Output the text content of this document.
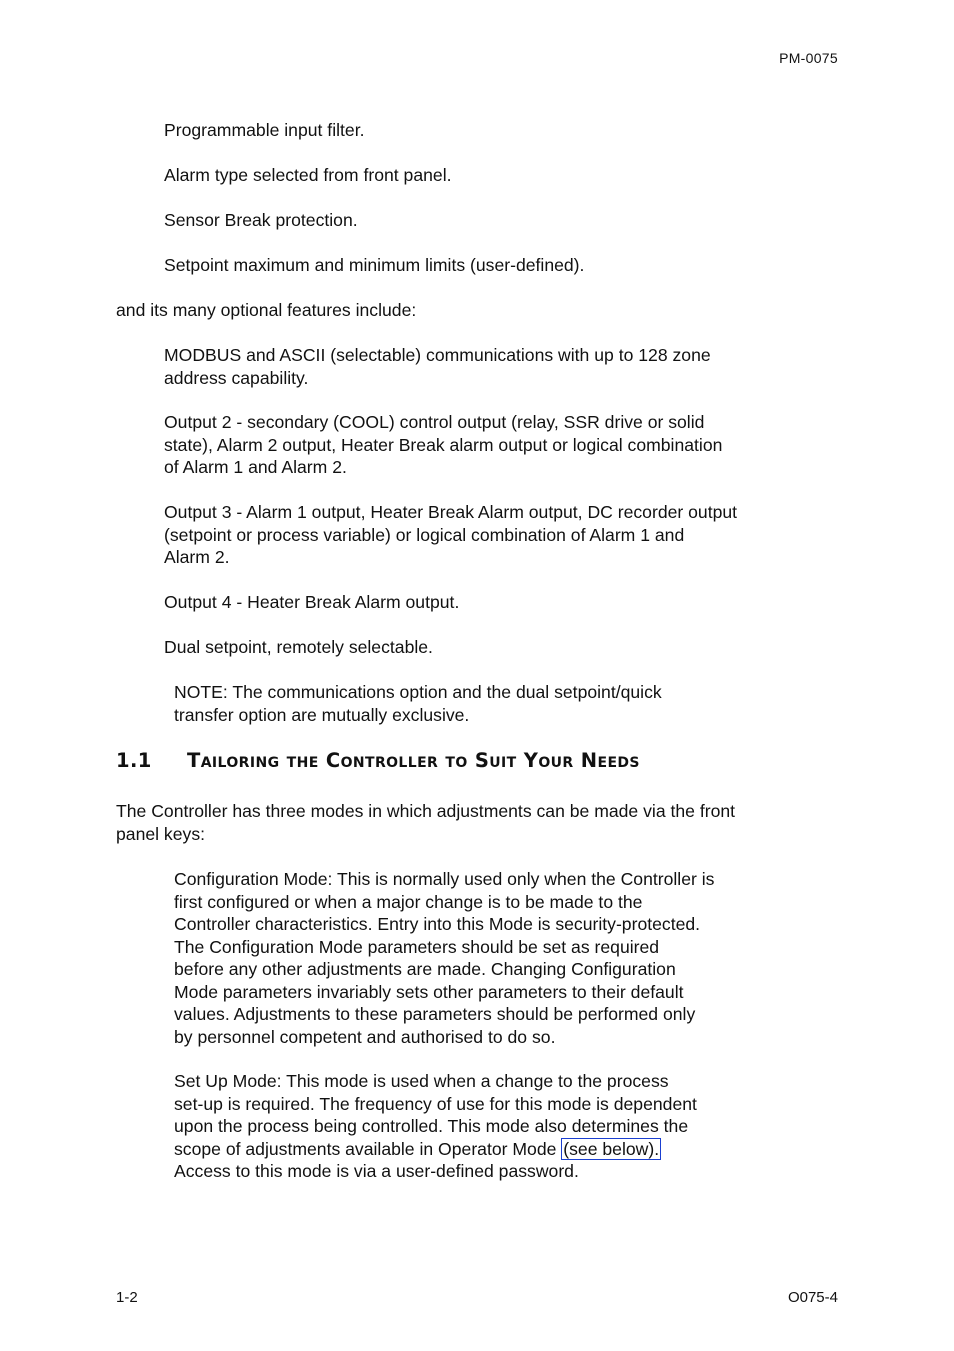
PM-0075
Programmable input filter.
Alarm type selected from front panel.
Sensor Break protection.
Setpoint maximum and minimum limits (user-defined).
and its many optional features include:
MODBUS and ASCII (selectable) communications with up to 128 zone
address capability.
Output 2 - secondary (COOL) control output (relay, SSR drive or solid
state), Alarm 2 output, Heater Break alarm output or logical combination
of Alarm 1 and Alarm 2.
Output 3 - Alarm 1 output, Heater Break Alarm output, DC recorder output
(setpoint or process variable) or logical combination of Alarm 1 and
Alarm 2.
Output 4 - Heater Break Alarm output.
Dual setpoint, remotely selectable.
NOTE: The communications option and the dual setpoint/quick
transfer option are mutually exclusive.
1.1 Tailoring the Controller to Suit Your Needs
The Controller has three modes in which adjustments can be made via the front
panel keys:
Configuration Mode: This is normally used only when the Controller is
first configured or when a major change is to be made to the
Controller characteristics. Entry into this Mode is security-protected.
The Configuration Mode parameters should be set as required
before any other adjustments are made. Changing Configuration
Mode parameters invariably sets other parameters to their default
values. Adjustments to these parameters should be performed only
by personnel competent and authorised to do so.
Set Up Mode: This mode is used when a change to the process
set-up is required. The frequency of use for this mode is dependent
upon the process being controlled. This mode also determines the
scope of adjustments available in Operator Mode (see below).
Access to this mode is via a user-defined password.
1-2	O075-4
